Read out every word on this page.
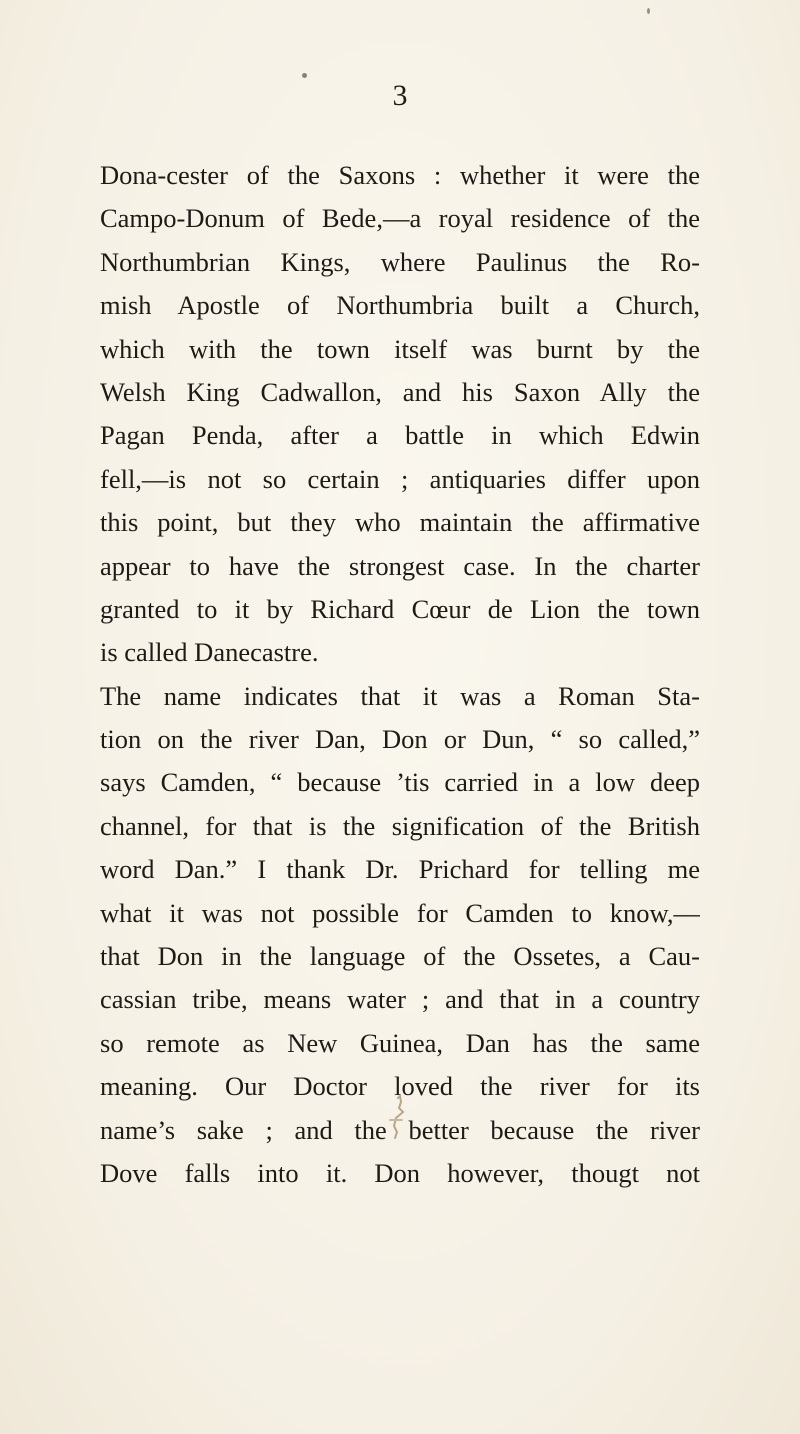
3
Dona-cester of the Saxons : whether it were the
Campo-Donum of Bede,—a royal residence of the
Northumbrian Kings, where Paulinus the Ro-
mish Apostle of Northumbria built a Church,
which with the town itself was burnt by the
Welsh King Cadwallon, and his Saxon Ally the
Pagan Penda, after a battle in which Edwin
fell,—is not so certain ; antiquaries differ upon
this point, but they who maintain the affirmative
appear to have the strongest case. In the charter
granted to it by Richard Cœur de Lion the town
is called Danecastre.
The name indicates that it was a Roman Sta-
tion on the river Dan, Don or Dun, “ so called,”
says Camden, “ because ’tis carried in a low deep
channel, for that is the signification of the British
word Dan.” I thank Dr. Prichard for telling me
what it was not possible for Camden to know,—
that Don in the language of the Ossetes, a Cau-
cassian tribe, means water ; and that in a country
so remote as New Guinea, Dan has the same
meaning. Our Doctor loved the river for its
name’s sake ; and the better because the river
Dove falls into it. Don however, thougt not
